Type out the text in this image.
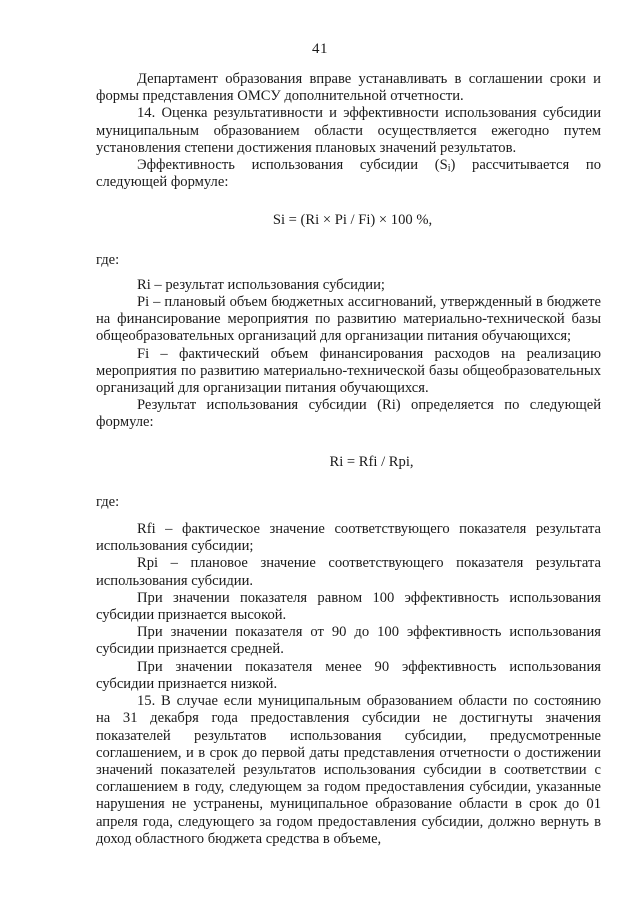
41

Департамент образования вправе устанавливать в соглашении сроки и формы представления ОМСУ дополнительной отчетности.

14. Оценка результативности и эффективности использования субсидии муниципальным образованием области осуществляется ежегодно путем установления степени достижения плановых значений результатов.

Эффективность использования субсидии $(S_i)$ рассчитывается по следующей формуле:

Si = (Ri × Pi / Fi) × 100 %,

где:

Ri – результат использования субсидии;

Pi – плановый объем бюджетных ассигнований, утвержденный в бюджете на финансирование мероприятия по развитию материально-технической базы общеобразовательных организаций для организации питания обучающихся;

Fi – фактический объем финансирования расходов на реализацию мероприятия по развитию материально-технической базы общеобразовательных организаций для организации питания обучающихся.

Результат использования субсидии (Ri) определяется по следующей формуле:

Ri = Rfi / Rpi,

где:

Rfi – фактическое значение соответствующего показателя результата использования субсидии;

Rpi – плановое значение соответствующего показателя результата использования субсидии.

При значении показателя равном 100 эффективность использования субсидии признается высокой.

При значении показателя от 90 до 100 эффективность использования субсидии признается средней.

При значении показателя менее 90 эффективность использования субсидии признается низкой.

15. В случае если муниципальным образованием области по состоянию на 31 декабря года предоставления субсидии не достигнуты значения показателей результатов использования субсидии, предусмотренные соглашением, и в срок до первой даты представления отчетности о достижении значений показателей результатов использования субсидии в соответствии с соглашением в году, следующем за годом предоставления субсидии, указанные нарушения не устранены, муниципальное образование области в срок до 01 апреля года, следующего за годом предоставления субсидии, должно вернуть в доход областного бюджета средства в объеме,
